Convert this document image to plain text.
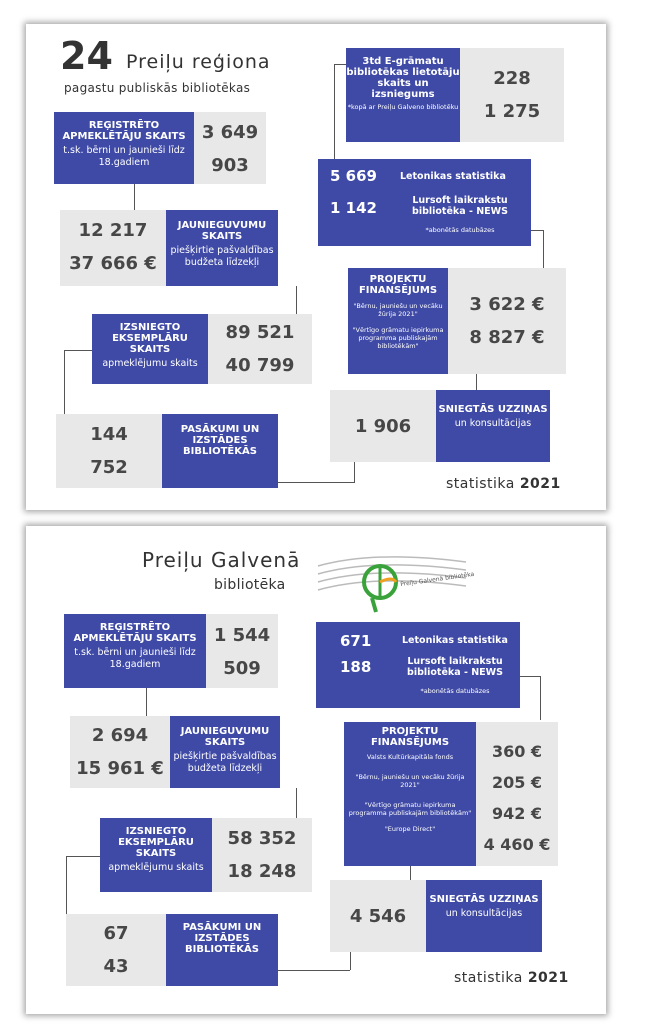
24 Preiļu reģiona
pagastu publiskās bibliotēkas
REĢISTRĒTO APMEKLĒTĀJU SKAITS
t.sk. bērni un jaunieši līdz 18.gadiem
3 649
903
12 217
37 666 €
JAUNIEGUVUMU SKAITS
piešķirtie pašvaldības budžeta līdzekļi
IZSNIEGTO EKSEMPLĀRU SKAITS
apmeklējumu skaits
89 521
40 799
144
752
PASĀKUMI UN IZSTĀDES BIBLIOTĒKĀS
3td E-grāmatu bibliotēkas lietotāju skaits un izsniegums
*kopā ar Preiļu Galveno bibliotēku
228
1 275
5 669 Letonikas statistika
1 142	Lursoft laikrakstu bibliotēka - NEWS
*abonētās datubāzes
PROJEKTU FINANSĒJUMS
"Bērnu, jauniešu un vecāku žūrija 2021"
"Vērtīgo grāmatu iepirkuma programma publiskajām bibliotēkām"
3 622 €
8 827 €
1 906
SNIEGTĀS UZZIŅAS
un konsultācijas
statistika 2021
Preiļu Galvenā
bibliotēka	Preiļu Galvenā bibliotēka
REĢISTRĒTO APMEKLĒTĀJU SKAITS
t.sk. bērni un jaunieši līdz 18.gadiem
1 544
509
2 694
15 961 €
JAUNIEGUVUMU SKAITS
piešķirtie pašvaldības budžeta līdzekļi
IZSNIEGTO EKSEMPLĀRU SKAITS
apmeklējumu skaits
58 352
18 248
67
43
PASĀKUMI UN IZSTĀDES BIBLIOTĒKĀS
671	Letonikas statistika
188	Lursoft laikrakstu bibliotēka - NEWS
*abonētās datubāzes
PROJEKTU FINANSĒJUMS
Valsts Kultūrkapitāla fonds
"Bērnu, jauniešu un vecāku žūrija 2021"
"Vērtīgo grāmatu iepirkuma programma publiskajām bibliotēkām"
"Europe Direct"
360 €
205 €
942 €
4 460 €
4 546
SNIEGTĀS UZZIŅAS
un konsultācijas
statistika 2021
